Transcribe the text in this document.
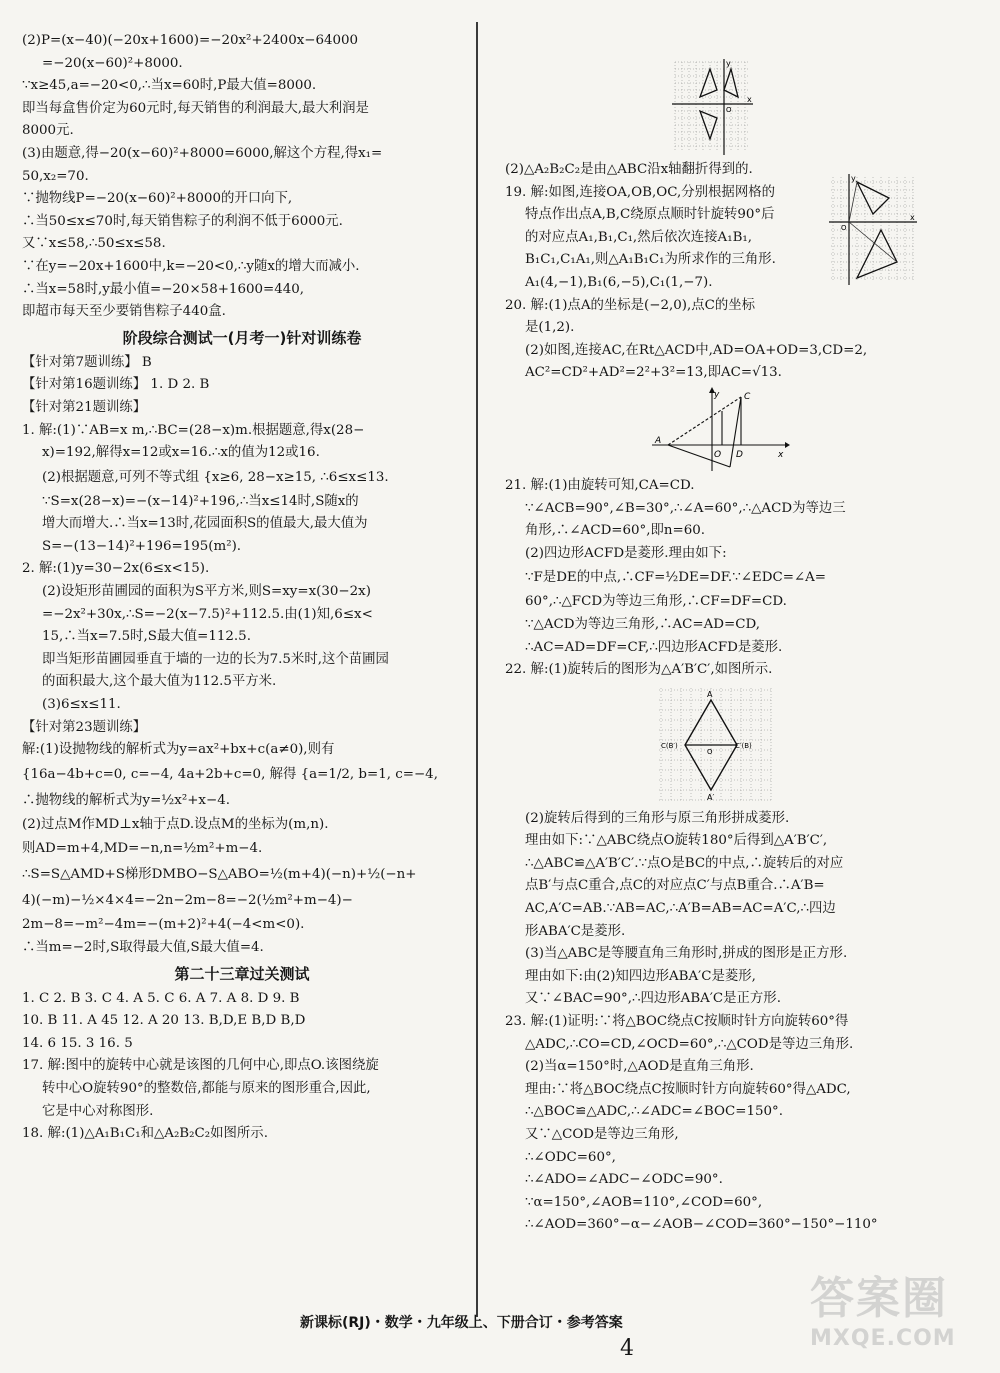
(2)P=(x−40)(−20x+1600)=−20x²+2400x−64000
=−20(x−60)²+8000.
∵x≥45,a=−20<0,∴当x=60时,P最大值=8000.
即当每盒售价定为60元时,每天销售的利润最大,最大利润是
8000元.
(3)由题意,得−20(x−60)²+8000=6000,解这个方程,得x₁=
50,x₂=70.
∵抛物线P=−20(x−60)²+8000的开口向下,
∴当50≤x≤70时,每天销售粽子的利润不低于6000元.
又∵x≤58,∴50≤x≤58.
∵在y=−20x+1600中,k=−20<0,∴y随x的增大而减小.
∴当x=58时,y最小值=−20×58+1600=440,
即超市每天至少要销售粽子440盒.
阶段综合测试一(月考一)针对训练卷
【针对第7题训练】 B
【针对第16题训练】 1. D 2. B
【针对第21题训练】
1. 解:(1)∵AB=x m,∴BC=(28−x)m.根据题意,得x(28−
x)=192,解得x=12或x=16.∴x的值为12或16.
(2)根据题意,可列不等式组 {x≥6, 28−x≥15, ∴6≤x≤13.
∵S=x(28−x)=−(x−14)²+196,∴当x≤14时,S随x的
增大而增大.∴当x=13时,花园面积S的值最大,最大值为
S=−(13−14)²+196=195(m²).
2. 解:(1)y=30−2x(6≤x<15).
(2)设矩形苗圃园的面积为S平方米,则S=xy=x(30−2x)
=−2x²+30x,∴S=−2(x−7.5)²+112.5.由(1)知,6≤x<
15,∴当x=7.5时,S最大值=112.5.
即当矩形苗圃园垂直于墙的一边的长为7.5米时,这个苗圃园
的面积最大,这个最大值为112.5平方米.
(3)6≤x≤11.
【针对第23题训练】
解:(1)设抛物线的解析式为y=ax²+bx+c(a≠0),则有
{16a−4b+c=0, c=−4, 4a+2b+c=0, 解得 {a=1/2, b=1, c=−4,
∴抛物线的解析式为y=½x²+x−4.
(2)过点M作MD⊥x轴于点D.设点M的坐标为(m,n).
则AD=m+4,MD=−n,n=½m²+m−4.
∴S=S△AMD+S梯形DMBO−S△ABO=½(m+4)(−n)+½(−n+
4)(−m)−½×4×4=−2n−2m−8=−2(½m²+m−4)−
2m−8=−m²−4m=−(m+2)²+4(−4<m<0).
∴当m=−2时,S取得最大值,S最大值=4.
第二十三章过关测试
1. C 2. B 3. C 4. A 5. C 6. A 7. A 8. D 9. B
10. B 11. A 45 12. A 20 13. B,D,E B,D B,D
14. 6 15. 3 16. 5
17. 解:图中的旋转中心就是该图的几何中心,即点O.该图绕旋
转中心O旋转90°的整数倍,都能与原来的图形重合,因此,
它是中心对称图形.
18. 解:(1)△A₁B₁C₁和△A₂B₂C₂如图所示.
y
x
O
(2)△A₂B₂C₂是由△ABC沿x轴翻折得到的.
19. 解:如图,连接OA,OB,OC,分别根据网格的
特点作出点A,B,C绕原点顺时针旋转90°后
的对应点A₁,B₁,C₁,然后依次连接A₁B₁,
B₁C₁,C₁A₁,则△A₁B₁C₁为所求作的三角形.
A₁(4,−1),B₁(6,−5),C₁(1,−7).
y
x
O
20. 解:(1)点A的坐标是(−2,0),点C的坐标
是(1,2).
(2)如图,连接AC,在Rt△ACD中,AD=OA+OD=3,CD=2,
AC²=CD²+AD²=2²+3²=13,即AC=√13.
y	C
A
O D	x
21. 解:(1)由旋转可知,CA=CD.
∵∠ACB=90°,∠B=30°,∴∠A=60°,∴△ACD为等边三
角形,∴∠ACD=60°,即n=60.
(2)四边形ACFD是菱形.理由如下:
∵F是DE的中点,∴CF=½DE=DF.∵∠EDC=∠A=
60°,∴△FCD为等边三角形,∴CF=DF=CD.
∵△ACD为等边三角形,∴AC=AD=CD,
∴AC=AD=DF=CF,∴四边形ACFD是菱形.
22. 解:(1)旋转后的图形为△A′B′C′,如图所示.
A
C(B′)
O
C′(B)
A′
(2)旋转后得到的三角形与原三角形拼成菱形.
理由如下:∵△ABC绕点O旋转180°后得到△A′B′C′,
∴△ABC≌△A′B′C′.∵点O是BC的中点,∴旋转后的对应
点B′与点C重合,点C的对应点C′与点B重合.∴A′B=
AC,A′C=AB.∵AB=AC,∴A′B=AB=AC=A′C,∴四边
形ABA′C是菱形.
(3)当△ABC是等腰直角三角形时,拼成的图形是正方形.
理由如下:由(2)知四边形ABA′C是菱形,
又∵∠BAC=90°,∴四边形ABA′C是正方形.
23. 解:(1)证明:∵将△BOC绕点C按顺时针方向旋转60°得
△ADC,∴CO=CD,∠OCD=60°,∴△COD是等边三角形.
(2)当α=150°时,△AOD是直角三角形.
理由:∵将△BOC绕点C按顺时针方向旋转60°得△ADC,
∴△BOC≌△ADC,∴∠ADC=∠BOC=150°.
又∵△COD是等边三角形,
∴∠ODC=60°,
∴∠ADO=∠ADC−∠ODC=90°.
∵α=150°,∠AOB=110°,∠COD=60°,
∴∠AOD=360°−α−∠AOB−∠COD=360°−150°−110°
新课标(RJ)・数学・九年级上、下册合订・参考答案
4
答案圈
MXQE.COM
